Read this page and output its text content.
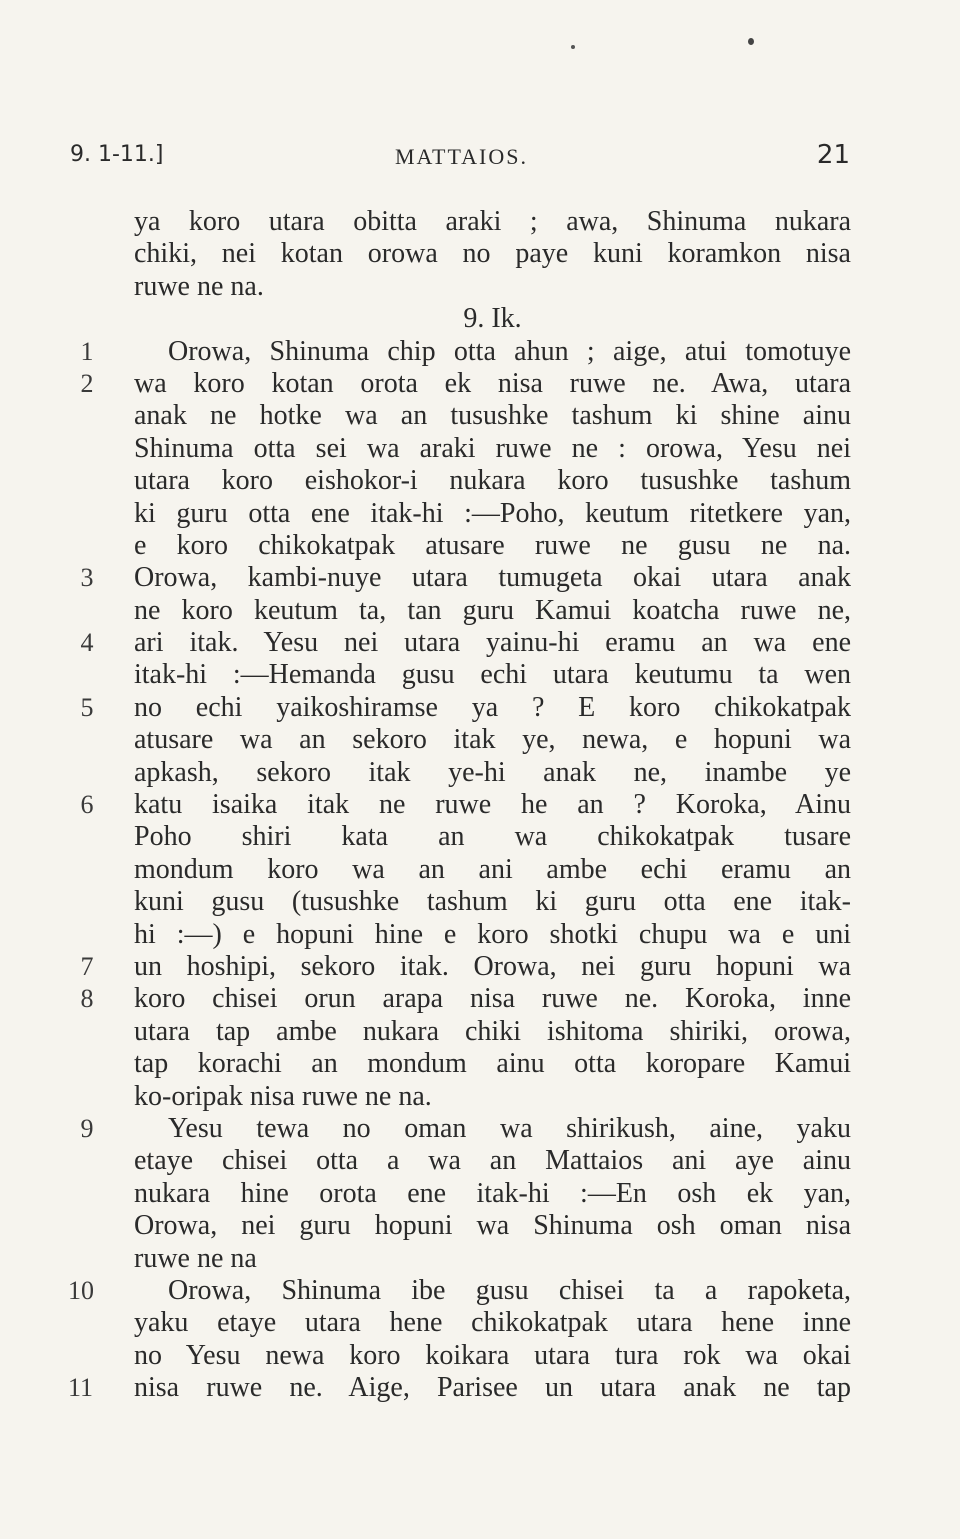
9. 1-11.]	MATTAIOS.	21
ya koro utara obitta araki ; awa, Shinuma nukara
chiki, nei kotan orowa no paye kuni koramkon nisa
ruwe ne na.
9. Ik.
1	Orowa, Shinuma chip otta ahun ; aige, atui tomotuye
2	wa koro kotan orota ek nisa ruwe ne. Awa, utara
anak ne hotke wa an tusushke tashum ki shine ainu
Shinuma otta sei wa araki ruwe ne : orowa, Yesu nei
utara koro eishokor-i nukara koro tusushke tashum
ki guru otta ene itak-hi :—Poho, keutum ritetkere yan,
e koro chikokatpak atusare ruwe ne gusu ne na.
3	Orowa, kambi-nuye utara tumugeta okai utara anak
ne koro keutum ta, tan guru Kamui koatcha ruwe ne,
4	ari itak. Yesu nei utara yainu-hi eramu an wa ene
itak-hi :—Hemanda gusu echi utara keutumu ta wen
5	no echi yaikoshiramse ya ? E koro chikokatpak
atusare wa an sekoro itak ye, newa, e hopuni wa
apkash, sekoro itak ye-hi anak ne, inambe ye
6	katu isaika itak ne ruwe he an ? Koroka, Ainu
Poho shiri kata an wa chikokatpak tusare
mondum koro wa an ani ambe echi eramu an
kuni gusu (tusushke tashum ki guru otta ene itak-
hi :—) e hopuni hine e koro shotki chupu wa e uni
7	un hoshipi, sekoro itak. Orowa, nei guru hopuni wa
8	koro chisei orun arapa nisa ruwe ne. Koroka, inne
utara tap ambe nukara chiki ishitoma shiriki, orowa,
tap korachi an mondum ainu otta koropare Kamui
ko-oripak nisa ruwe ne na.
9	Yesu tewa no oman wa shirikush, aine, yaku
etaye chisei otta a wa an Mattaios ani aye ainu
nukara hine orota ene itak-hi :—En osh ek yan,
Orowa, nei guru hopuni wa Shinuma osh oman nisa
ruwe ne na
10	Orowa, Shinuma ibe gusu chisei ta a rapoketa,
yaku etaye utara hene chikokatpak utara hene inne
no Yesu newa koro koikara utara tura rok wa okai
11	nisa ruwe ne. Aige, Parisee un utara anak ne tap
